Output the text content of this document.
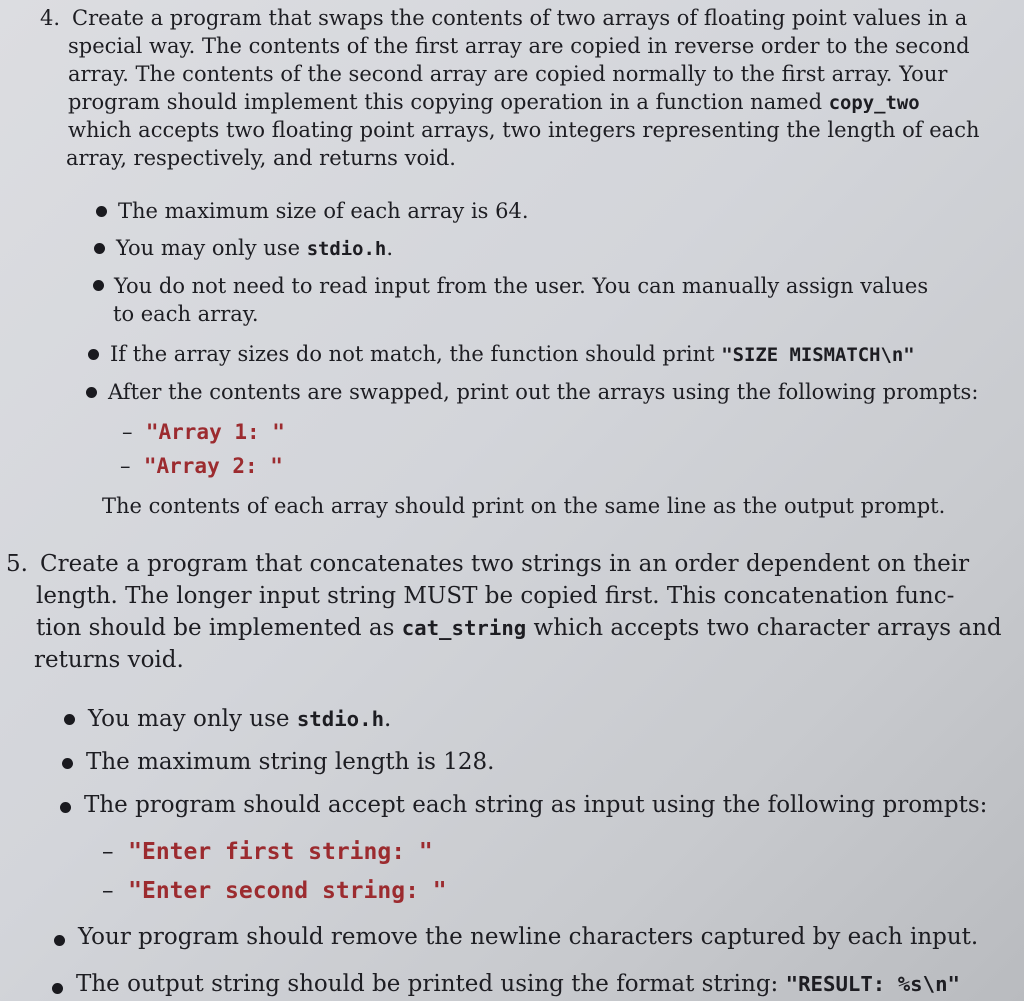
4. Create a program that swaps the contents of two arrays of floating point values in a
special way. The contents of the first array are copied in reverse order to the second
array. The contents of the second array are copied normally to the first array. Your
program should implement this copying operation in a function named copy_two
which accepts two floating point arrays, two integers representing the length of each
array, respectively, and returns void.
The maximum size of each array is 64.
You may only use stdio.h.
You do not need to read input from the user. You can manually assign values
to each array.
If the array sizes do not match, the function should print "SIZE MISMATCH\n"
After the contents are swapped, print out the arrays using the following prompts:
–  "Array 1: "
–  "Array 2: "
The contents of each array should print on the same line as the output prompt.
5. Create a program that concatenates two strings in an order dependent on their
length. The longer input string MUST be copied first. This concatenation func-
tion should be implemented as cat_string which accepts two character arrays and
returns void.
You may only use stdio.h.
The maximum string length is 128.
The program should accept each string as input using the following prompts:
–  "Enter first string: "
–  "Enter second string: "
Your program should remove the newline characters captured by each input.
The output string should be printed using the format string: "RESULT: %s\n"
